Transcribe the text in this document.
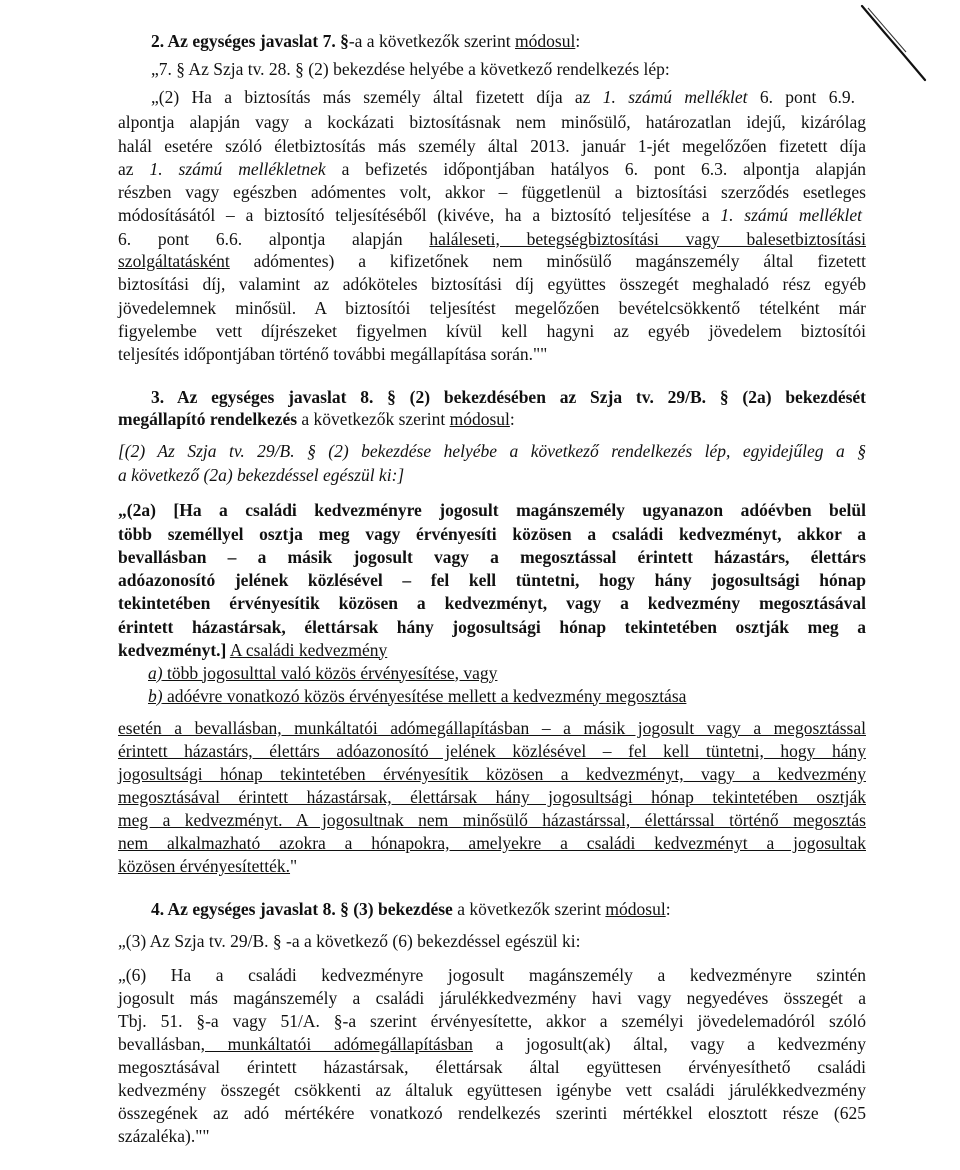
2. Az egységes javaslat 7. §-a a következők szerint módosul:
„7. § Az Szja tv. 28. § (2) bekezdése helyébe a következő rendelkezés lép:
„(2) Ha a biztosítás más személy által fizetett díja az 1. számú melléklet 6. pont 6.9.
alpontja alapján vagy a kockázati biztosításnak nem minősülő, határozatlan idejű, kizárólag
halál esetére szóló életbiztosítás más személy által 2013. január 1-jét megelőzően fizetett díja
az 1. számú mellékletnek a befizetés időpontjában hatályos 6. pont 6.3. alpontja alapján
részben vagy egészben adómentes volt, akkor – függetlenül a biztosítási szerződés esetleges
módosításától – a biztosító teljesítéséből (kivéve, ha a biztosító teljesítése a 1. számú melléklet
6. pont 6.6. alpontja alapján haláleseti, betegségbiztosítási vagy balesetbiztosítási
szolgáltatásként adómentes) a kifizetőnek nem minősülő magánszemély által fizetett
biztosítási díj, valamint az adóköteles biztosítási díj együttes összegét meghaladó rész egyéb
jövedelemnek minősül. A biztosítói teljesítést megelőzően bevételcsökkentő tételként már
figyelembe vett díjrészeket figyelmen kívül kell hagyni az egyéb jövedelem biztosítói
teljesítés időpontjában történő további megállapítása során.""
3. Az egységes javaslat 8. § (2) bekezdésében az Szja tv. 29/B. § (2a) bekezdését
megállapító rendelkezés a következők szerint módosul:
[(2) Az Szja tv. 29/B. § (2) bekezdése helyébe a következő rendelkezés lép, egyidejűleg a §
a következő (2a) bekezdéssel egészül ki:]
„(2a) [Ha a családi kedvezményre jogosult magánszemély ugyanazon adóévben belül
több személlyel osztja meg vagy érvényesíti közösen a családi kedvezményt, akkor a
bevallásban – a másik jogosult vagy a megosztással érintett házastárs, élettárs
adóazonosító jelének közlésével – fel kell tüntetni, hogy hány jogosultsági hónap
tekintetében érvényesítik közösen a kedvezményt, vagy a kedvezmény megosztásával
érintett házastársak, élettársak hány jogosultsági hónap tekintetében osztják meg a
kedvezményt.] A családi kedvezmény
a) több jogosulttal való közös érvényesítése, vagy
b) adóévre vonatkozó közös érvényesítése mellett a kedvezmény megosztása
esetén a bevallásban, munkáltatói adómegállapításban – a másik jogosult vagy a megosztással
érintett házastárs, élettárs adóazonosító jelének közlésével – fel kell tüntetni, hogy hány
jogosultsági hónap tekintetében érvényesítik közösen a kedvezményt, vagy a kedvezmény
megosztásával érintett házastársak, élettársak hány jogosultsági hónap tekintetében osztják
meg a kedvezményt. A jogosultnak nem minősülő házastárssal, élettárssal történő megosztás
nem alkalmazható azokra a hónapokra, amelyekre a családi kedvezményt a jogosultak
közösen érvényesítették."
4. Az egységes javaslat 8. § (3) bekezdése a következők szerint módosul:
„(3) Az Szja tv. 29/B. § -a a következő (6) bekezdéssel egészül ki:
„(6) Ha a családi kedvezményre jogosult magánszemély a kedvezményre szintén
jogosult más magánszemély a családi járulékkedvezmény havi vagy negyedéves összegét a
Tbj. 51. §-a vagy 51/A. §-a szerint érvényesítette, akkor a személyi jövedelemadóról szóló
bevallásban, munkáltatói adómegállapításban a jogosult(ak) által, vagy a kedvezmény
megosztásával érintett házastársak, élettársak által együttesen érvényesíthető családi
kedvezmény összegét csökkenti az általuk együttesen igénybe vett családi járulékkedvezmény
összegének az adó mértékére vonatkozó rendelkezés szerinti mértékkel elosztott része (625
százaléka).""
